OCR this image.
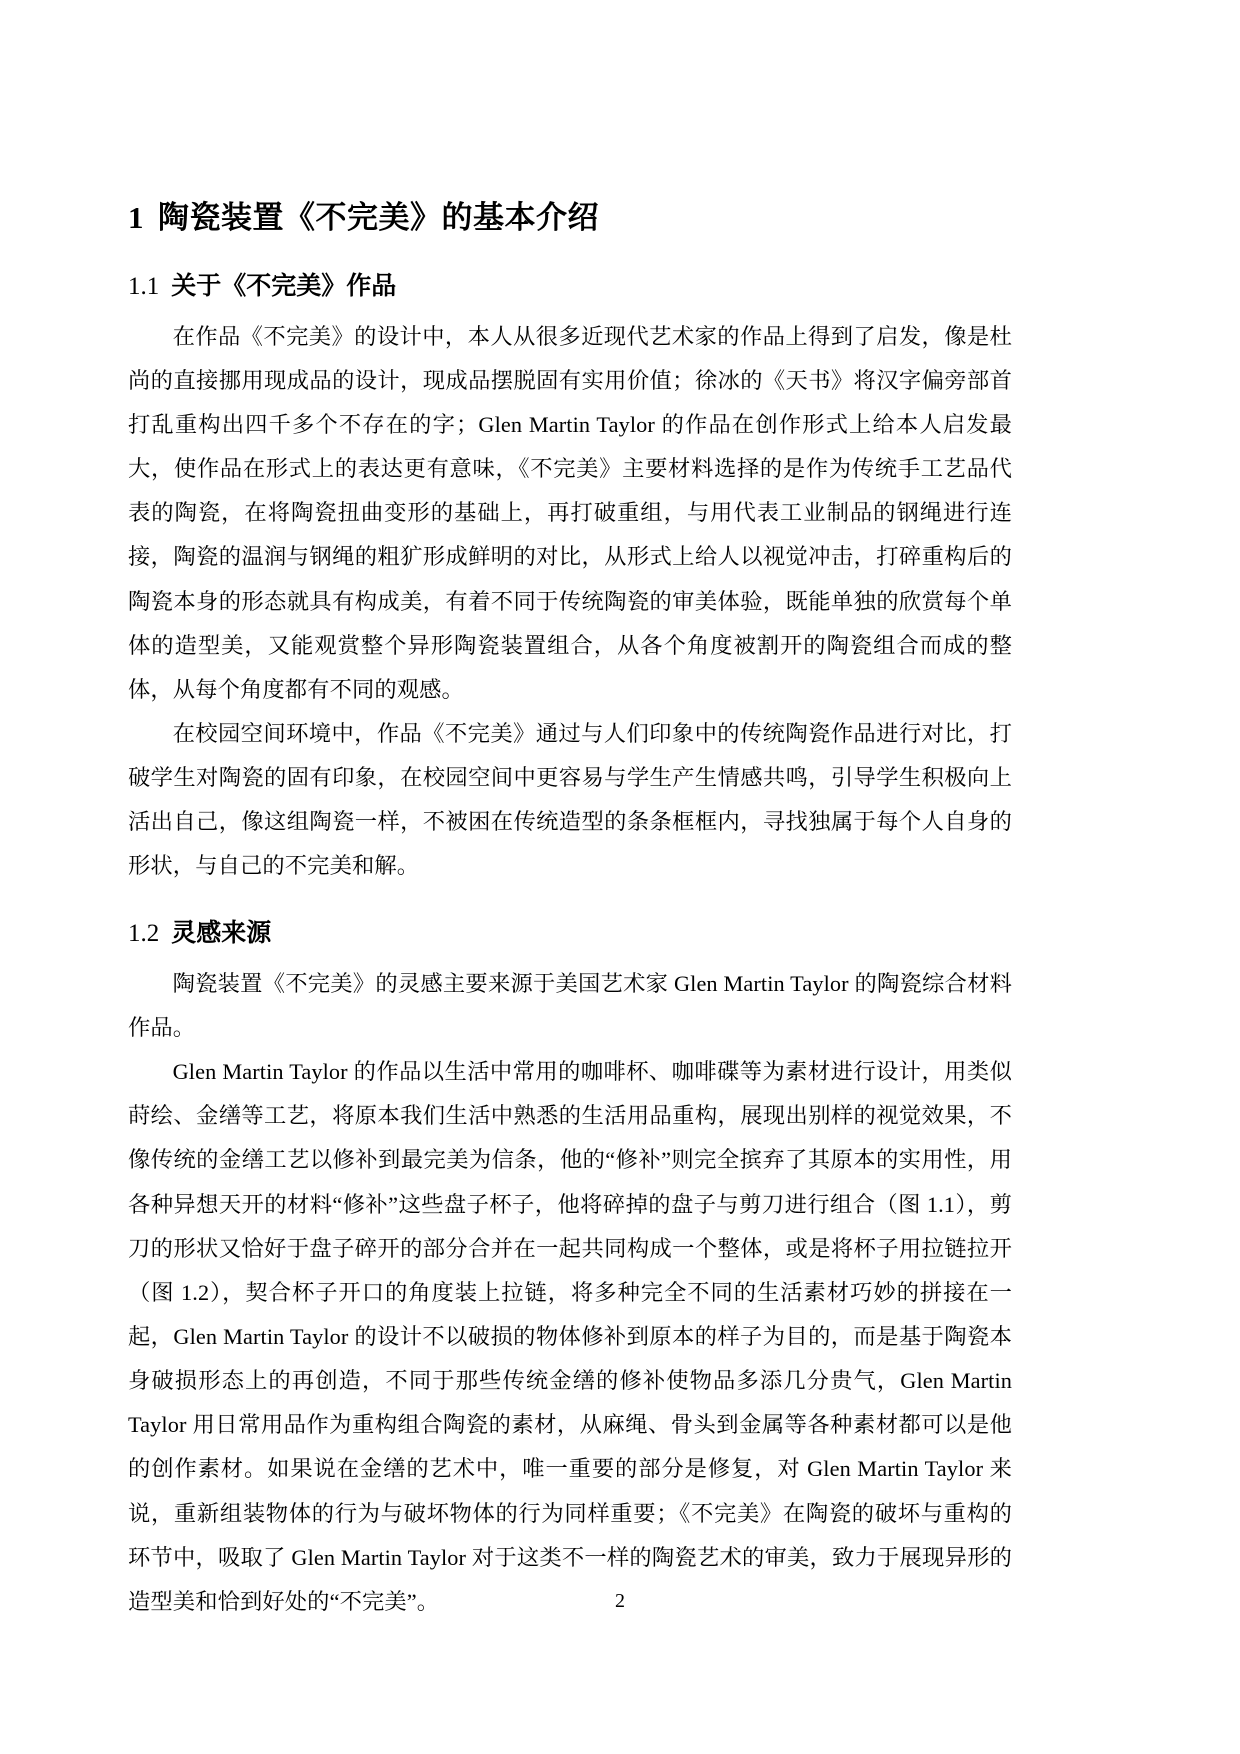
1 陶瓷装置《不完美》的基本介绍
1.1 关于《不完美》作品

在作品《不完美》的设计中，本人从很多近现代艺术家的作品上得到了启发，像是杜尚的直接挪用现成品的设计，现成品摆脱固有实用价值；徐冰的《天书》将汉字偏旁部首打乱重构出四千多个不存在的字；Glen Martin Taylor 的作品在创作形式上给本人启发最大，使作品在形式上的表达更有意味，《不完美》主要材料选择的是作为传统手工艺品代表的陶瓷，在将陶瓷扭曲变形的基础上，再打破重组，与用代表工业制品的钢绳进行连接，陶瓷的温润与钢绳的粗犷形成鲜明的对比，从形式上给人以视觉冲击，打碎重构后的陶瓷本身的形态就具有构成美，有着不同于传统陶瓷的审美体验，既能单独的欣赏每个单体的造型美，又能观赏整个异形陶瓷装置组合，从各个角度被割开的陶瓷组合而成的整体，从每个角度都有不同的观感。

在校园空间环境中，作品《不完美》通过与人们印象中的传统陶瓷作品进行对比，打破学生对陶瓷的固有印象，在校园空间中更容易与学生产生情感共鸣，引导学生积极向上活出自己，像这组陶瓷一样，不被困在传统造型的条条框框内，寻找独属于每个人自身的形状，与自己的不完美和解。

1.2 灵感来源

陶瓷装置《不完美》的灵感主要来源于美国艺术家 Glen Martin Taylor 的陶瓷综合材料作品。

Glen Martin Taylor 的作品以生活中常用的咖啡杯、咖啡碟等为素材进行设计，用类似莳绘、金缮等工艺，将原本我们生活中熟悉的生活用品重构，展现出别样的视觉效果，不像传统的金缮工艺以修补到最完美为信条，他的“修补”则完全摈弃了其原本的实用性，用各种异想天开的材料“修补”这些盘子杯子，他将碎掉的盘子与剪刀进行组合（图 1.1），剪刀的形状又恰好于盘子碎开的部分合并在一起共同构成一个整体，或是将杯子用拉链拉开（图 1.2），契合杯子开口的角度装上拉链，将多种完全不同的生活素材巧妙的拼接在一起，Glen Martin Taylor 的设计不以破损的物体修补到原本的样子为目的，而是基于陶瓷本身破损形态上的再创造，不同于那些传统金缮的修补使物品多添几分贵气，Glen Martin Taylor 用日常用品作为重构组合陶瓷的素材，从麻绳、骨头到金属等各种素材都可以是他的创作素材。如果说在金缮的艺术中，唯一重要的部分是修复，对 Glen Martin Taylor 来说，重新组装物体的行为与破坏物体的行为同样重要；《不完美》在陶瓷的破坏与重构的环节中，吸取了 Glen Martin Taylor 对于这类不一样的陶瓷艺术的审美，致力于展现异形的造型美和恰到好处的“不完美”。	2
